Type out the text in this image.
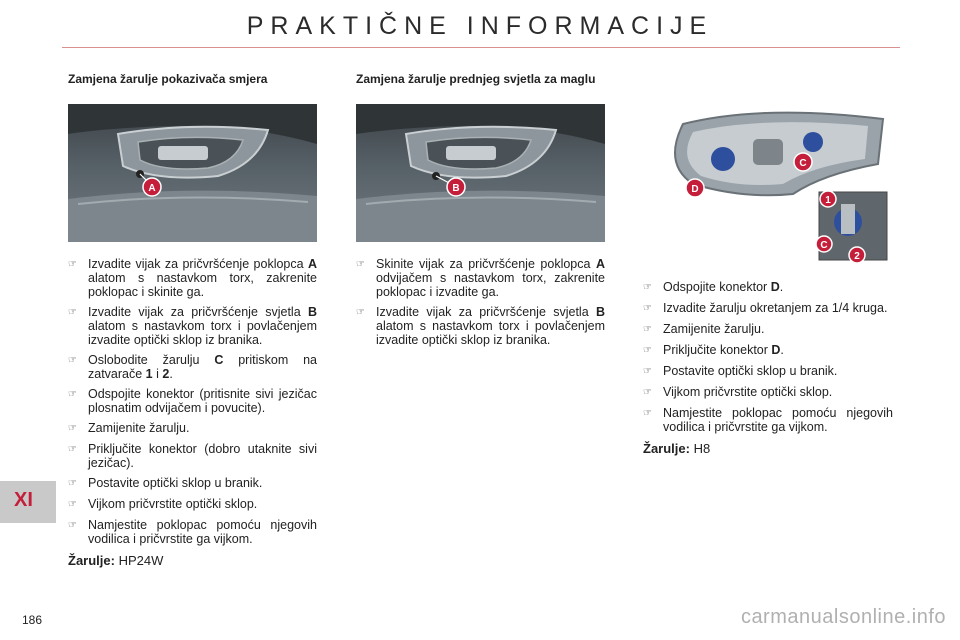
PRAKTIČNE INFORMACIJE
Zamjena žarulje pokazivača smjera
A
☞ Izvadite vijak za pričvršćenje poklopca A alatom s nastavkom torx, zakrenite poklopac i skinite ga.
☞ Izvadite vijak za pričvršćenje svjetla B alatom s nastavkom torx i povlačenjem izvadite optički sklop iz branika.
☞ Oslobodite žarulju C pritiskom na zatvarače 1 i 2.
☞ Odspojite konektor (pritisnite sivi jezičac plosnatim odvijačem i povucite).
☞ Zamijenite žarulju.
☞ Priključite konektor (dobro utaknite sivi jezičac).
☞ Postavite optički sklop u branik.
☞ Vijkom pričvrstite optički sklop.
☞ Namjestite poklopac pomoću njegovih vodilica i pričvrstite ga vijkom.
Žarulje: HP24W
Zamjena žarulje prednjeg svjetla za maglu
B
☞ Skinite vijak za pričvršćenje poklopca A odvijačem s nastavkom torx, zakrenite poklopac i izvadite ga.
☞ Izvadite vijak za pričvršćenje svjetla B alatom s nastavkom torx i povlačenjem izvadite optički sklop iz branika.
D
C
1
C
2
☞ Odspojite konektor D.
☞ Izvadite žarulju okretanjem za 1/4 kruga.
☞ Zamijenite žarulju.
☞ Priključite konektor D.
☞ Postavite optički sklop u branik.
☞ Vijkom pričvrstite optički sklop.
☞ Namjestite poklopac pomoću njegovih vodilica i pričvrstite ga vijkom.
Žarulje: H8
XI
186	carmanualsonline.info
